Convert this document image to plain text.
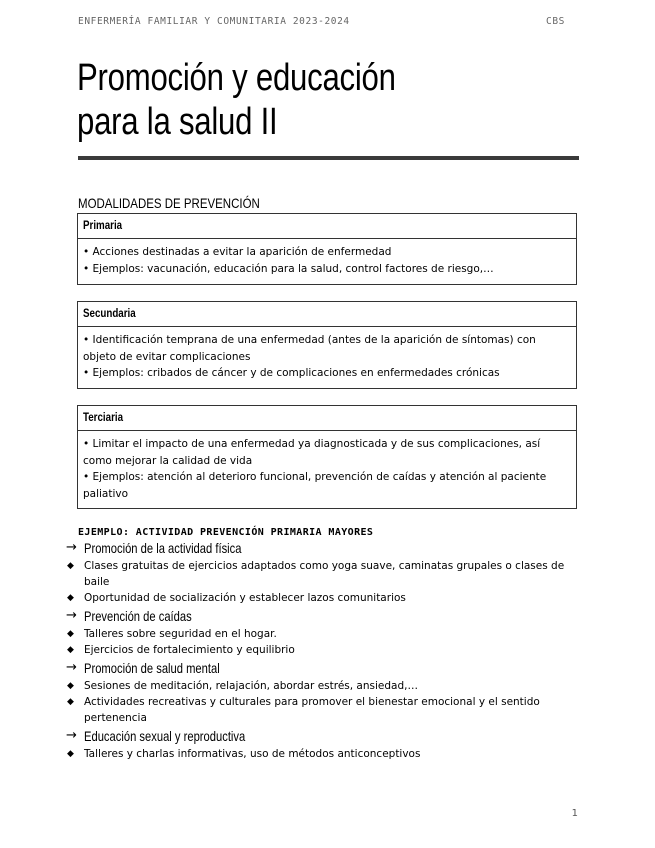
ENFERMERÍA FAMILIAR Y COMUNITARIA 2023-2024	CBS
Promoción y educación para la salud II
MODALIDADES DE PREVENCIÓN
Primaria
• Acciones destinadas a evitar la aparición de enfermedad
• Ejemplos: vacunación, educación para la salud, control factores de riesgo,…
Secundaria
• Identificación temprana de una enfermedad (antes de la aparición de síntomas) con objeto de evitar complicaciones
• Ejemplos: cribados de cáncer y de complicaciones en enfermedades crónicas
Terciaria
• Limitar el impacto de una enfermedad ya diagnosticada y de sus complicaciones, así como mejorar la calidad de vida
• Ejemplos: atención al deterioro funcional, prevención de caídas y atención al paciente paliativo
EJEMPLO: ACTIVIDAD PREVENCIÓN PRIMARIA MAYORES
→ Promoción de la actividad física
◆ Clases gratuitas de ejercicios adaptados como yoga suave, caminatas grupales o clases de baile
◆ Oportunidad de socialización y establecer lazos comunitarios
→ Prevención de caídas
◆ Talleres sobre seguridad en el hogar.
◆ Ejercicios de fortalecimiento y equilibrio
→ Promoción de salud mental
◆ Sesiones de meditación, relajación, abordar estrés, ansiedad,…
◆ Actividades recreativas y culturales para promover el bienestar emocional y el sentido pertenencia
→ Educación sexual y reproductiva
◆ Talleres y charlas informativas, uso de métodos anticonceptivos
1
